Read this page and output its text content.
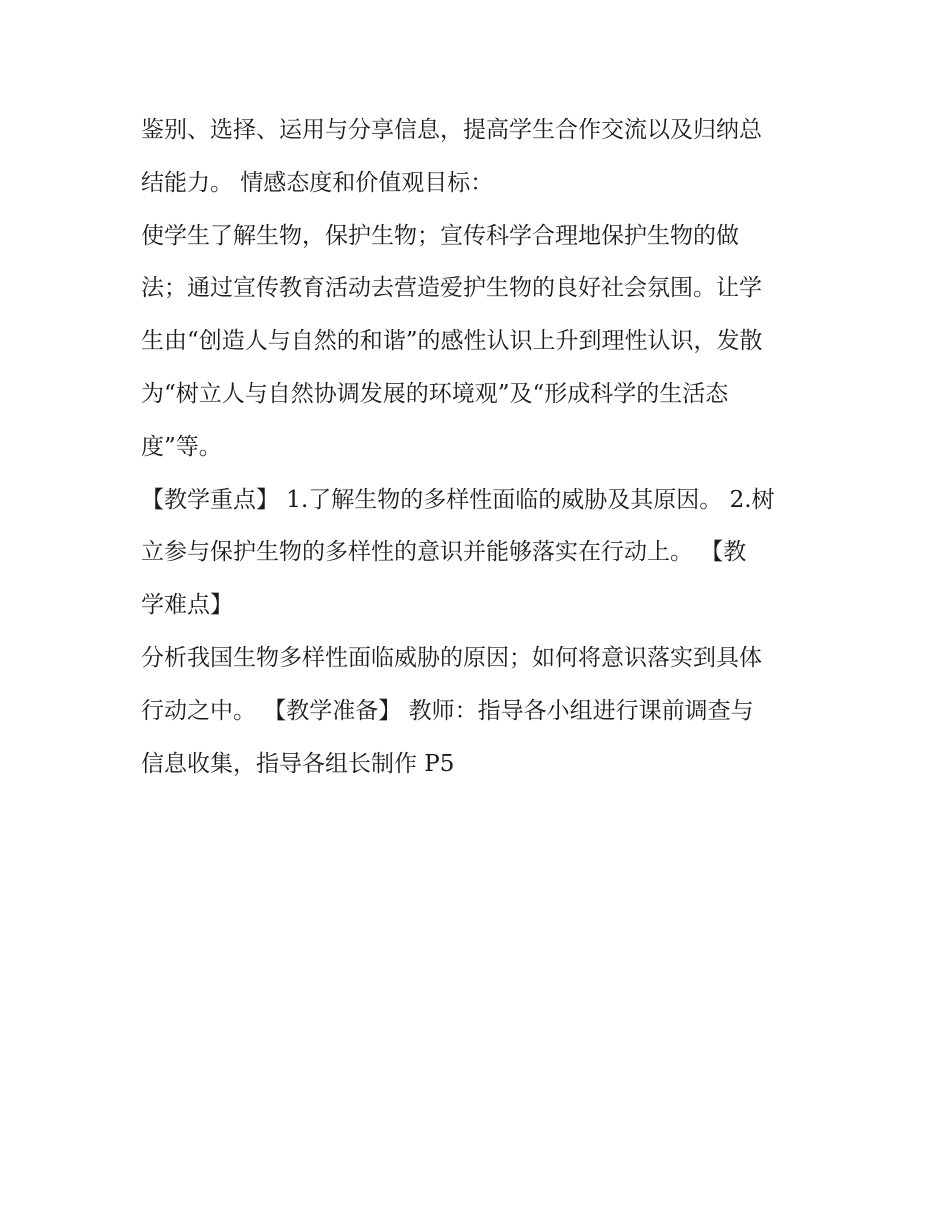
鉴别、选择、运用与分享信息，提高学生合作交流以及归纳总
结能力。 情感态度和价值观目标：
使学生了解生物，保护生物；宣传科学合理地保护生物的做
法；通过宣传教育活动去营造爱护生物的良好社会氛围。让学
生由“创造人与自然的和谐”的感性认识上升到理性认识，发散
为“树立人与自然协调发展的环境观”及“形成科学的生活态
度”等。
【教学重点】 1.了解生物的多样性面临的威胁及其原因。 2.树
立参与保护生物的多样性的意识并能够落实在行动上。 【教
学难点】
分析我国生物多样性面临威胁的原因；如何将意识落实到具体
行动之中。 【教学准备】 教师：指导各小组进行课前调查与
信息收集，指导各组长制作 P5
